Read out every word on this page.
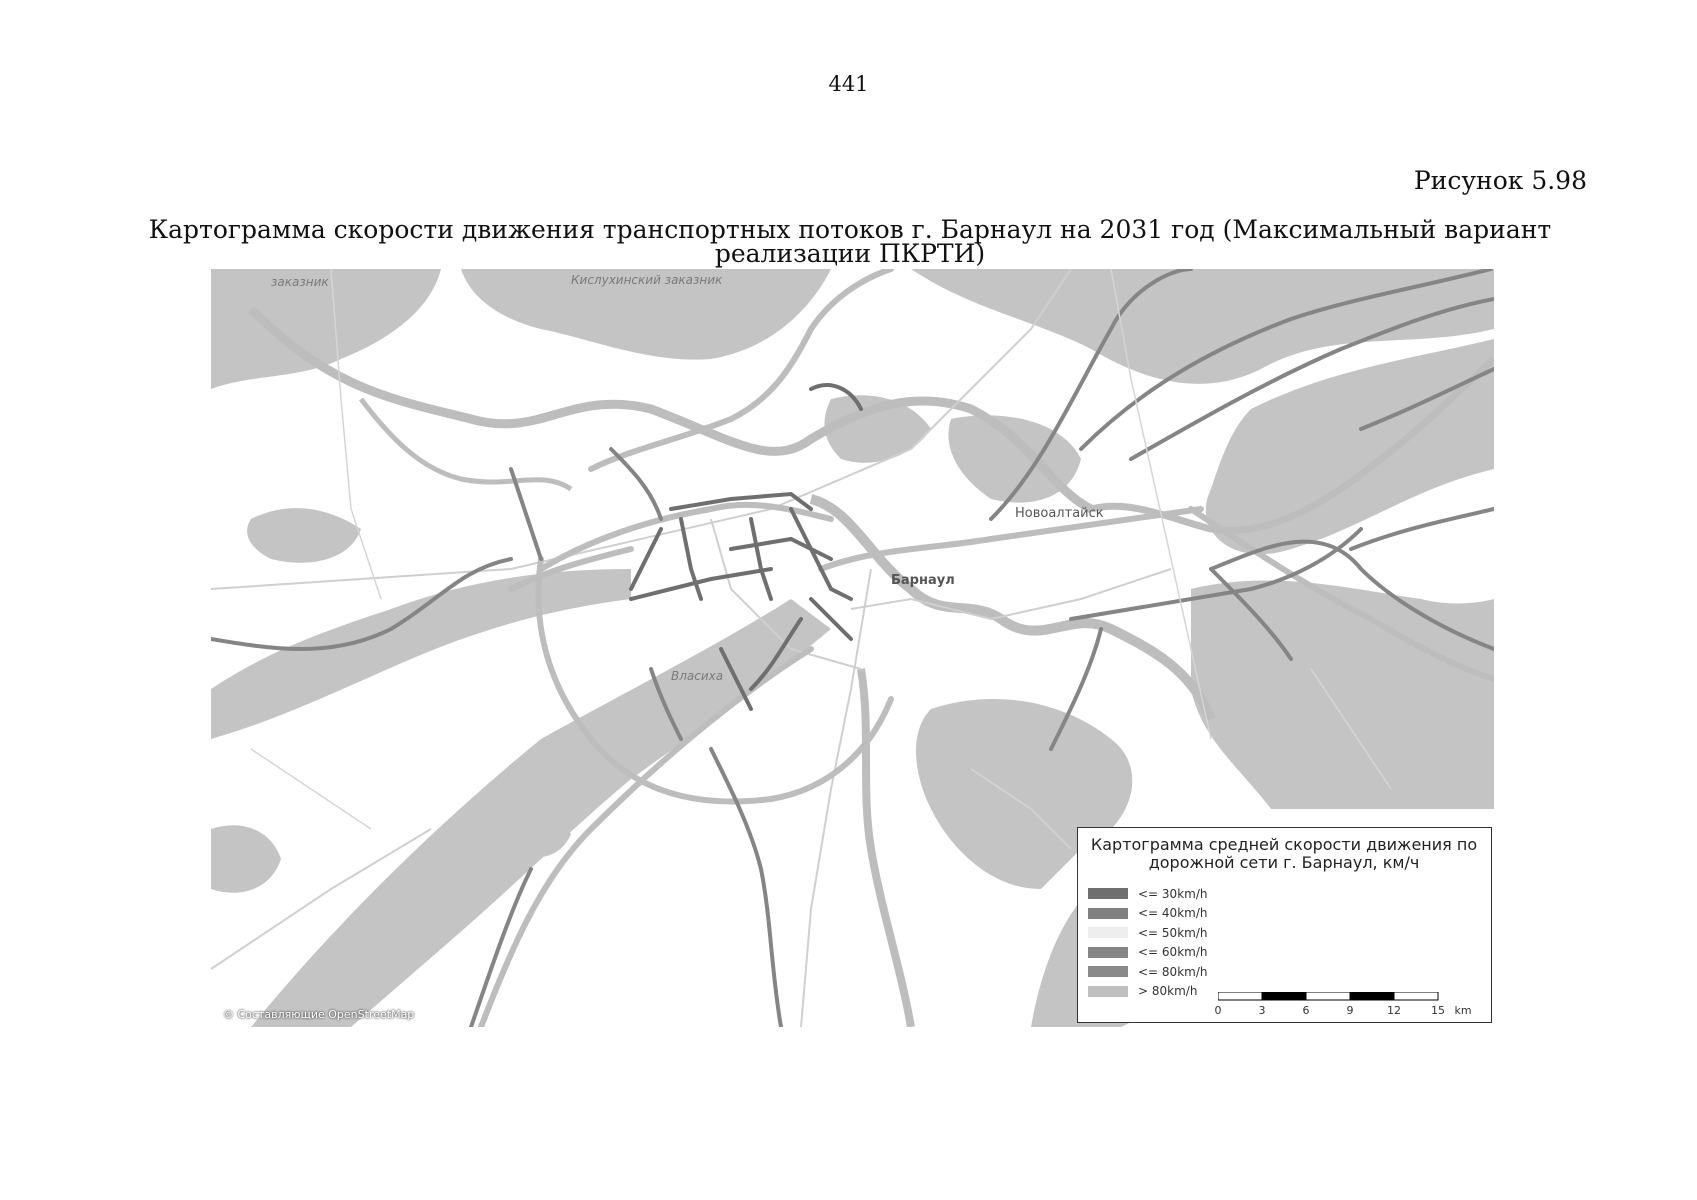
441
Рисунок 5.98
Картограмма скорости движения транспортных потоков г. Барнаул на 2031 год (Максимальный вариант реализации ПКРТИ)
заказник	Кислухинский заказник
Новоалтайск
Барнаул
Власиха
© Составляющие OpenStreetMap
Картограмма средней скорости движения по
дорожной сети г. Барнаул, км/ч
<= 30km/h
<= 40km/h
<= 50km/h
<= 60km/h
<= 80km/h
> 80km/h
0	3	6	9	12	15 km
